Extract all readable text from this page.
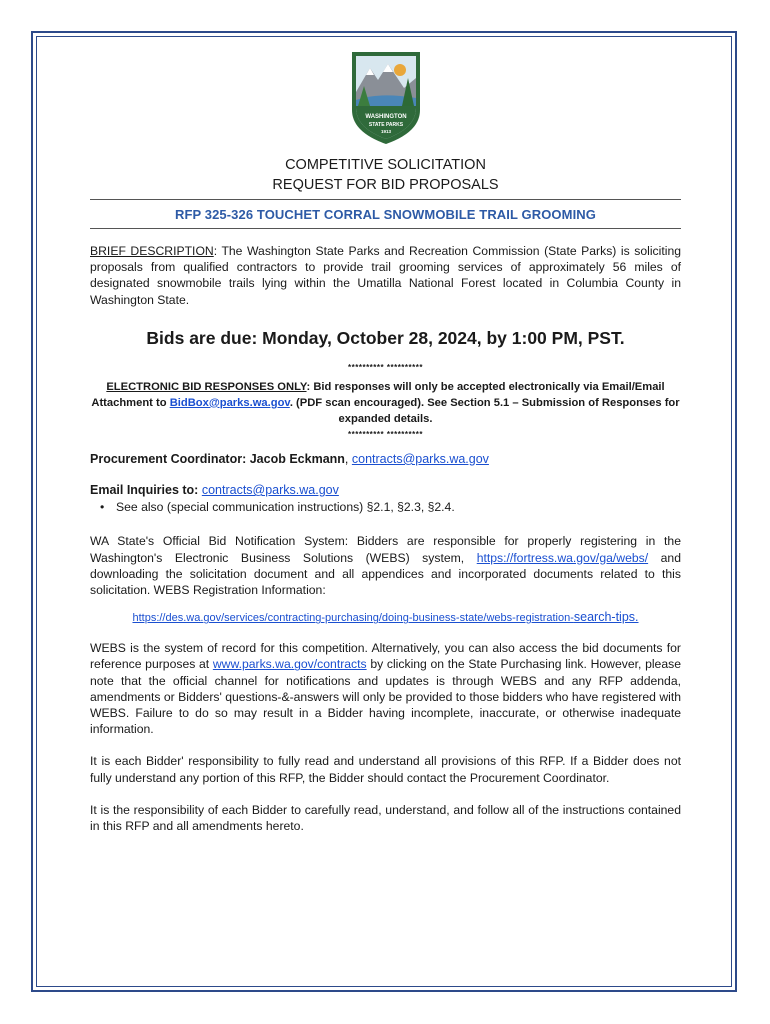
WASHINGTON
STATE PARKS
1913
COMPETITIVE SOLICITATION
REQUEST FOR BID PROPOSALS
RFP 325-326 TOUCHET CORRAL SNOWMOBILE TRAIL GROOMING

BRIEF DESCRIPTION: The Washington State Parks and Recreation Commission (State Parks) is soliciting proposals from qualified contractors to provide trail grooming services of approximately 56 miles of designated snowmobile trails lying within the Umatilla National Forest located in Columbia County in Washington State.

Bids are due: Monday, October 28, 2024, by 1:00 PM, PST.
********** **********
ELECTRONIC BID RESPONSES ONLY: Bid responses will only be accepted electronically via Email/Email Attachment to BidBox@parks.wa.gov. (PDF scan encouraged). See Section 5.1 – Submission of Responses for expanded details.
********** **********

Procurement Coordinator: Jacob Eckmann, contracts@parks.wa.gov

Email Inquiries to: contracts@parks.wa.gov

• See also (special communication instructions) §2.1, §2.3, §2.4.

WA State's Official Bid Notification System: Bidders are responsible for properly registering in the Washington's Electronic Business Solutions (WEBS) system, https://fortress.wa.gov/ga/webs/ and downloading the solicitation document and all appendices and incorporated documents related to this solicitation. WEBS Registration Information:

https://des.wa.gov/services/contracting-purchasing/doing-business-state/webs-registration-search-tips.

WEBS is the system of record for this competition. Alternatively, you can also access the bid documents for reference purposes at www.parks.wa.gov/contracts by clicking on the State Purchasing link. However, please note that the official channel for notifications and updates is through WEBS and any RFP addenda, amendments or Bidders' questions-&-answers will only be provided to those bidders who have registered with WEBS. Failure to do so may result in a Bidder having incomplete, inaccurate, or otherwise inadequate information.

It is each Bidder' responsibility to fully read and understand all provisions of this RFP. If a Bidder does not fully understand any portion of this RFP, the Bidder should contact the Procurement Coordinator.

It is the responsibility of each Bidder to carefully read, understand, and follow all of the instructions contained in this RFP and all amendments hereto.
